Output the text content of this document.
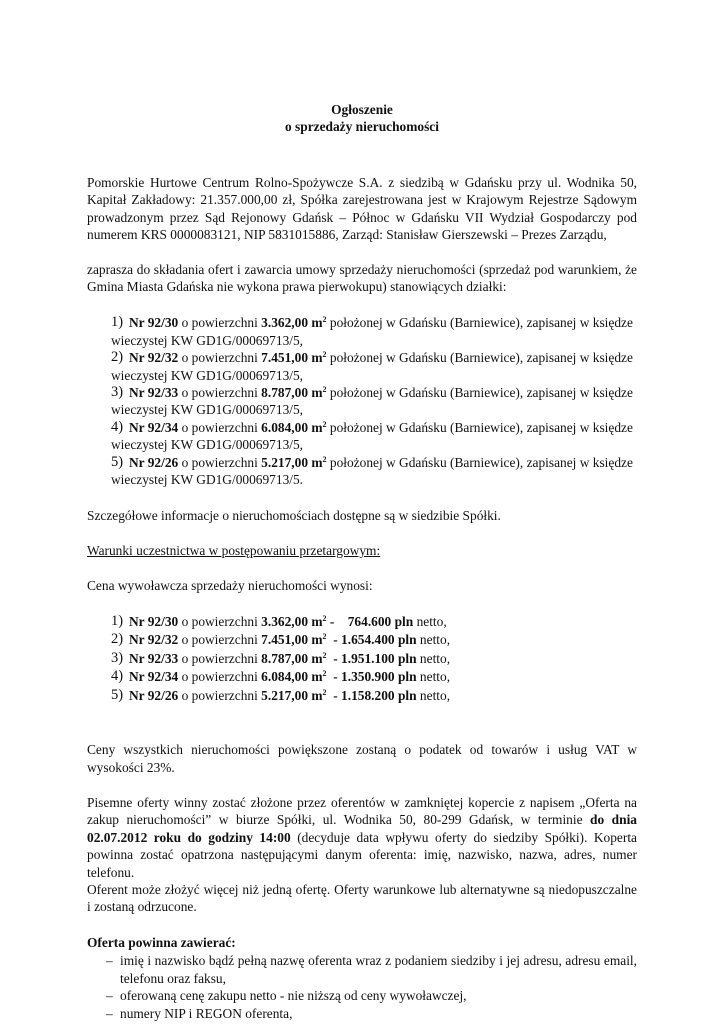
Ogłoszenie
o sprzedaży nieruchomości

Pomorskie Hurtowe Centrum Rolno-Spożywcze S.A. z siedzibą w Gdańsku przy ul. Wodnika 50, Kapitał Zakładowy: 21.357.000,00 zł, Spółka zarejestrowana jest w Krajowym Rejestrze Sądowym prowadzonym przez Sąd Rejonowy Gdańsk – Północ w Gdańsku VII Wydział Gospodarczy pod numerem KRS 0000083121, NIP 5831015886, Zarząd: Stanisław Gierszewski – Prezes Zarządu,

zaprasza do składania ofert i zawarcia umowy sprzedaży nieruchomości (sprzedaż pod warunkiem, że Gmina Miasta Gdańska nie wykona prawa pierwokupu) stanowiących działki:

1) Nr 92/30 o powierzchni 3.362,00 $m^2$ położonej w Gdańsku (Barniewice), zapisanej w księdze
wieczystej KW GD1G/00069713/5,
2) Nr 92/32 o powierzchni 7.451,00 $m^2$ położonej w Gdańsku (Barniewice), zapisanej w księdze
wieczystej KW GD1G/00069713/5,
3) Nr 92/33 o powierzchni 8.787,00 $m^2$ położonej w Gdańsku (Barniewice), zapisanej w księdze
wieczystej KW GD1G/00069713/5,
4) Nr 92/34 o powierzchni 6.084,00 $m^2$ położonej w Gdańsku (Barniewice), zapisanej w księdze
wieczystej KW GD1G/00069713/5,
5) Nr 92/26 o powierzchni 5.217,00 $m^2$ położonej w Gdańsku (Barniewice), zapisanej w księdze
wieczystej KW GD1G/00069713/5.

Szczegółowe informacje o nieruchomościach dostępne są w siedzibie Spółki.

Warunki uczestnictwa w postępowaniu przetargowym:

Cena wywoławcza sprzedaży nieruchomości wynosi:

1) Nr 92/30 o powierzchni 3.362,00 $m^2$ -    764.600 pln netto,
2) Nr 92/32 o powierzchni 7.451,00 $m^2 - 1.654.400$ pln netto,
3) Nr 92/33 o powierzchni 8.787,00 $m^2 - 1.951.100$ pln netto,
4) Nr 92/34 o powierzchni 6.084,00 $m^2 - 1.350.900$ pln netto,
5) Nr 92/26 o powierzchni 5.217,00 $m^2 - 1.158.200$ pln netto,

Ceny wszystkich nieruchomości powiększone zostaną o podatek od towarów i usług VAT w wysokości 23%.

Pisemne oferty winny zostać złożone przez oferentów w zamkniętej kopercie z napisem „Oferta na zakup nieruchomości” w biurze Spółki, ul. Wodnika 50, 80-299 Gdańsk, w terminie do dnia 02.07.2012 roku do godziny 14:00 (decyduje data wpływu oferty do siedziby Spółki). Koperta powinna zostać opatrzona następującymi danym oferenta: imię, nazwisko, nazwa, adres, numer telefonu.

Oferent może złożyć więcej niż jedną ofertę. Oferty warunkowe lub alternatywne są niedopuszczalne i zostaną odrzucone.

Oferta powinna zawierać:

– imię i nazwisko bądź pełną nazwę oferenta wraz z podaniem siedziby i jej adresu, adresu email, telefonu oraz faksu,
– oferowaną cenę zakupu netto - nie niższą od ceny wywoławczej,
– numery NIP i REGON oferenta,
